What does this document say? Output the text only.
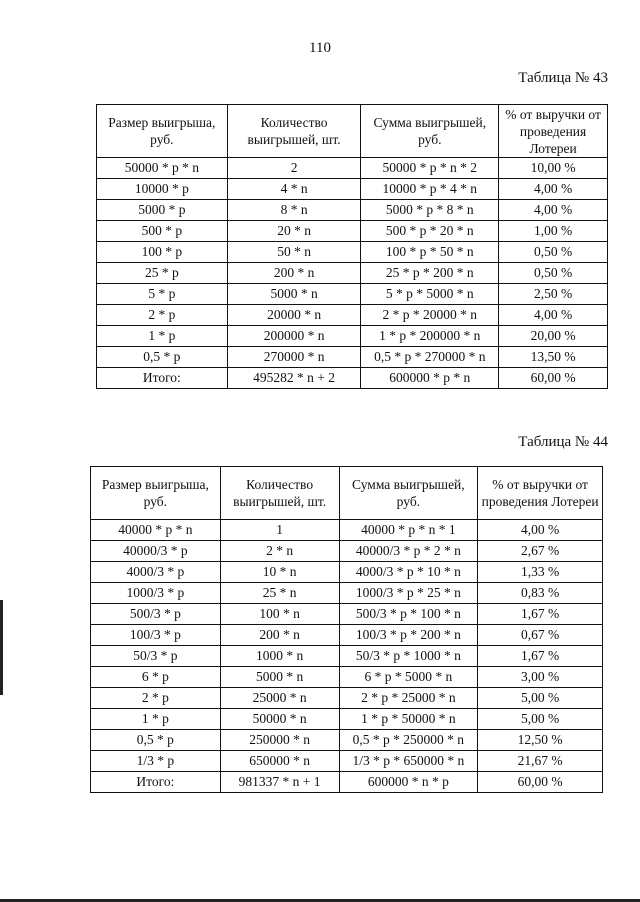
110
Таблица № 43
Размер выигрыша, руб.	Количество выигрышей, шт.	Сумма выигрышей, руб.	% от выручки от проведения Лотереи
50000 * p * n	2	50000 * p * n * 2	10,00 %
10000 * p	4 * n	10000 * p * 4 * n	4,00 %
5000 * p	8 * n	5000 * p * 8 * n	4,00 %
500 * p	20 * n	500 * p * 20 * n	1,00 %
100 * p	50 * n	100 * p * 50 * n	0,50 %
25 * p	200 * n	25 * p * 200 * n	0,50 %
5 * p	5000 * n	5 * p * 5000 * n	2,50 %
2 * p	20000 * n	2 * p * 20000 * n	4,00 %
1 * p	200000 * n	1 * p * 200000 * n	20,00 %
0,5 * p	270000 * n	0,5 * p * 270000 * n	13,50 %
Итого:	495282 * n + 2	600000 * p * n	60,00 %
Таблица № 44
Размер выигрыша, руб.	Количество выигрышей, шт.	Сумма выигрышей, руб.	% от выручки от проведения Лотереи
40000 * p * n	1	40000 * p * n * 1	4,00 %
40000/3 * p	2 * n	40000/3 * p * 2 * n	2,67 %
4000/3 * p	10 * n	4000/3 * p * 10 * n	1,33 %
1000/3 * p	25 * n	1000/3 * p * 25 * n	0,83 %
500/3 * p	100 * n	500/3 * p * 100 * n	1,67 %
100/3 * p	200 * n	100/3 * p * 200 * n	0,67 %
50/3 * p	1000 * n	50/3 * p * 1000 * n	1,67 %
6 * p	5000 * n	6 * p * 5000 * n	3,00 %
2 * p	25000 * n	2 * p * 25000 * n	5,00 %
1 * p	50000 * n	1 * p * 50000 * n	5,00 %
0,5 * p	250000 * n	0,5 * p * 250000 * n	12,50 %
1/3 * p	650000 * n	1/3 * p * 650000 * n	21,67 %
Итого:	981337 * n + 1	600000 * n * p	60,00 %
